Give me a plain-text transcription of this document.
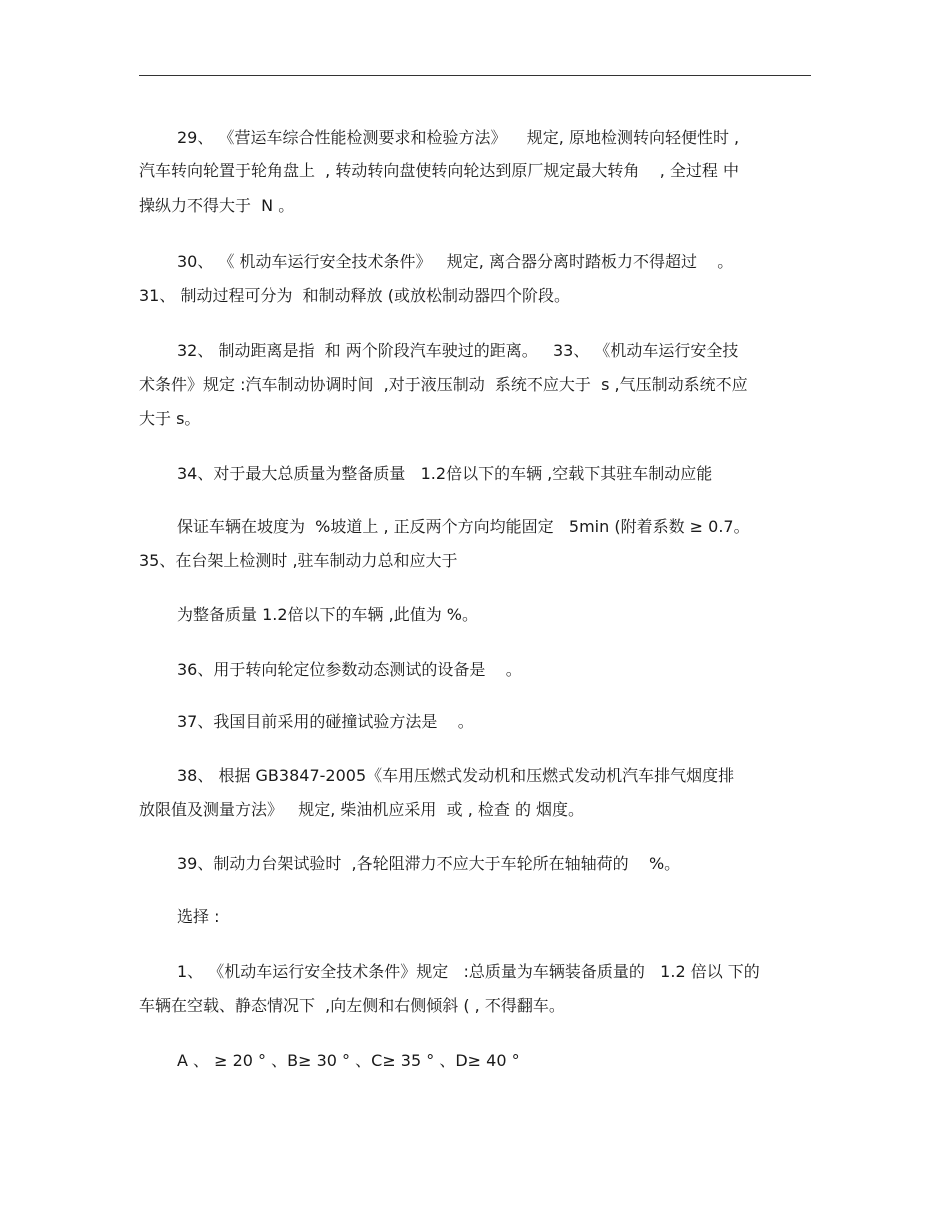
29、 《营运车综合性能检测要求和检验方法》    规定, 原地检测转向轻便性时 ,
汽车转向轮置于轮角盘上  , 转动转向盘使转向轮达到原厂规定最大转角    , 全过程 中
操纵力不得大于  N 。
30、 《 机动车运行安全技术条件》   规定, 离合器分离时踏板力不得超过    。
31、 制动过程可分为  和制动释放 (或放松制动器四个阶段。
32、 制动距离是指  和 两个阶段汽车驶过的距离。   33、 《机动车运行安全技
术条件》规定 :汽车制动协调时间  ,对于液压制动  系统不应大于  s ,气压制动系统不应
大于 s。
34、对于最大总质量为整备质量   1.2倍以下的车辆 ,空载下其驻车制动应能
保证车辆在坡度为  %坡道上 , 正反两个方向均能固定   5min (附着系数 ≥ 0.7。
35、在台架上检测时 ,驻车制动力总和应大于
为整备质量 1.2倍以下的车辆 ,此值为 %。
36、用于转向轮定位参数动态测试的设备是    。
37、我国目前采用的碰撞试验方法是    。
38、 根据 GB3847-2005《车用压燃式发动机和压燃式发动机汽车排气烟度排
放限值及测量方法》   规定, 柴油机应采用  或 , 检查 的 烟度。
39、制动力台架试验时  ,各轮阻滞力不应大于车轮所在轴轴荷的    %。
选择 :
1、 《机动车运行安全技术条件》规定   :总质量为车辆装备质量的   1.2 倍以 下的
车辆在空载、静态情况下  ,向左侧和右侧倾斜 ( , 不得翻车。
A 、 ≥ 20 ° 、B≥ 30 ° 、C≥ 35 ° 、D≥ 40 °
